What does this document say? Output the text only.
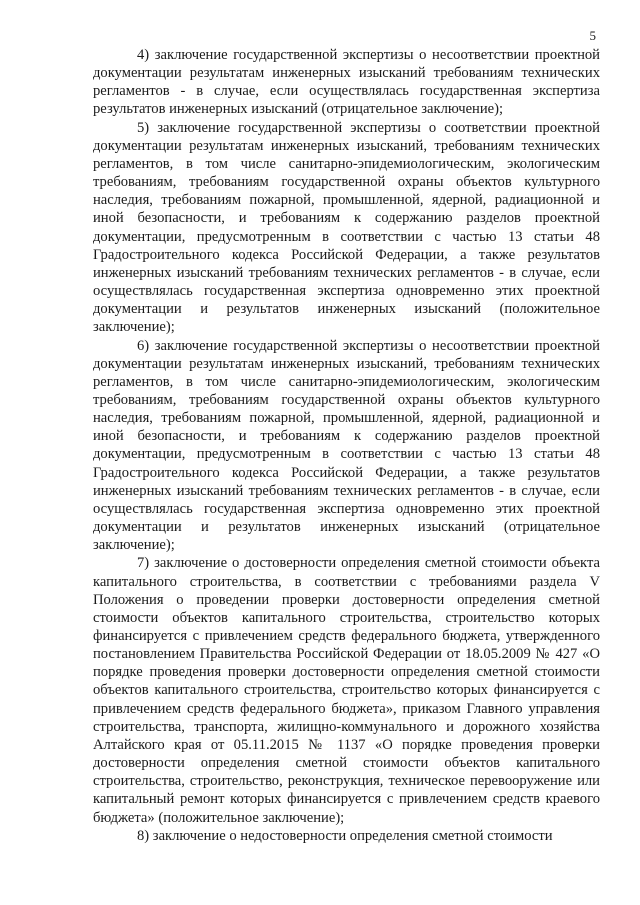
5

4) заключение государственной экспертизы о несоответствии проектной документации результатам инженерных изысканий требованиям технических регламентов - в случае, если осуществлялась государственная экспертиза результатов инженерных изысканий (отрицательное заключение);

5) заключение государственной экспертизы о соответствии проектной документации результатам инженерных изысканий, требованиям технических регламентов, в том числе санитарно-эпидемиологическим, экологическим требованиям, требованиям государственной охраны объектов культурного наследия, требованиям пожарной, промышленной, ядерной, радиационной и иной безопасности, и требованиям к содержанию разделов проектной документации, предусмотренным в соответствии с частью 13 статьи 48 Градостроительного кодекса Российской Федерации, а также результатов инженерных изысканий требованиям технических регламентов - в случае, если осуществлялась государственная экспертиза одновременно этих проектной документации и результатов инженерных изысканий (положительное заключение);

6) заключение государственной экспертизы о несоответствии проектной документации результатам инженерных изысканий, требованиям технических регламентов, в том числе санитарно-эпидемиологическим, экологическим требованиям, требованиям государственной охраны объектов культурного наследия, требованиям пожарной, промышленной, ядерной, радиационной и иной безопасности, и требованиям к содержанию разделов проектной документации, предусмотренным в соответствии с частью 13 статьи 48 Градостроительного кодекса Российской Федерации, а также результатов инженерных изысканий требованиям технических регламентов - в случае, если осуществлялась государственная экспертиза одновременно этих проектной документации и результатов инженерных изысканий (отрицательное заключение);

7) заключение о достоверности определения сметной стоимости объекта капитального строительства, в соответствии с требованиями раздела V Положения о проведении проверки достоверности определения сметной стоимости объектов капитального строительства, строительство которых финансируется с привлечением средств федерального бюджета, утвержденного постановлением Правительства Российской Федерации от 18.05.2009 № 427 «О порядке проведения проверки достоверности определения сметной стоимости объектов капитального строительства, строительство которых финансируется с привлечением средств федерального бюджета», приказом Главного управления строительства, транспорта, жилищно-коммунального и дорожного хозяйства Алтайского края от 05.11.2015 № 1137 «О порядке проведения проверки достоверности определения сметной стоимости объектов капитального строительства, строительство, реконструкция, техническое перевооружение или капитальный ремонт которых финансируется с привлечением средств краевого бюджета» (положительное заключение);

8) заключение о недостоверности определения сметной стоимости
